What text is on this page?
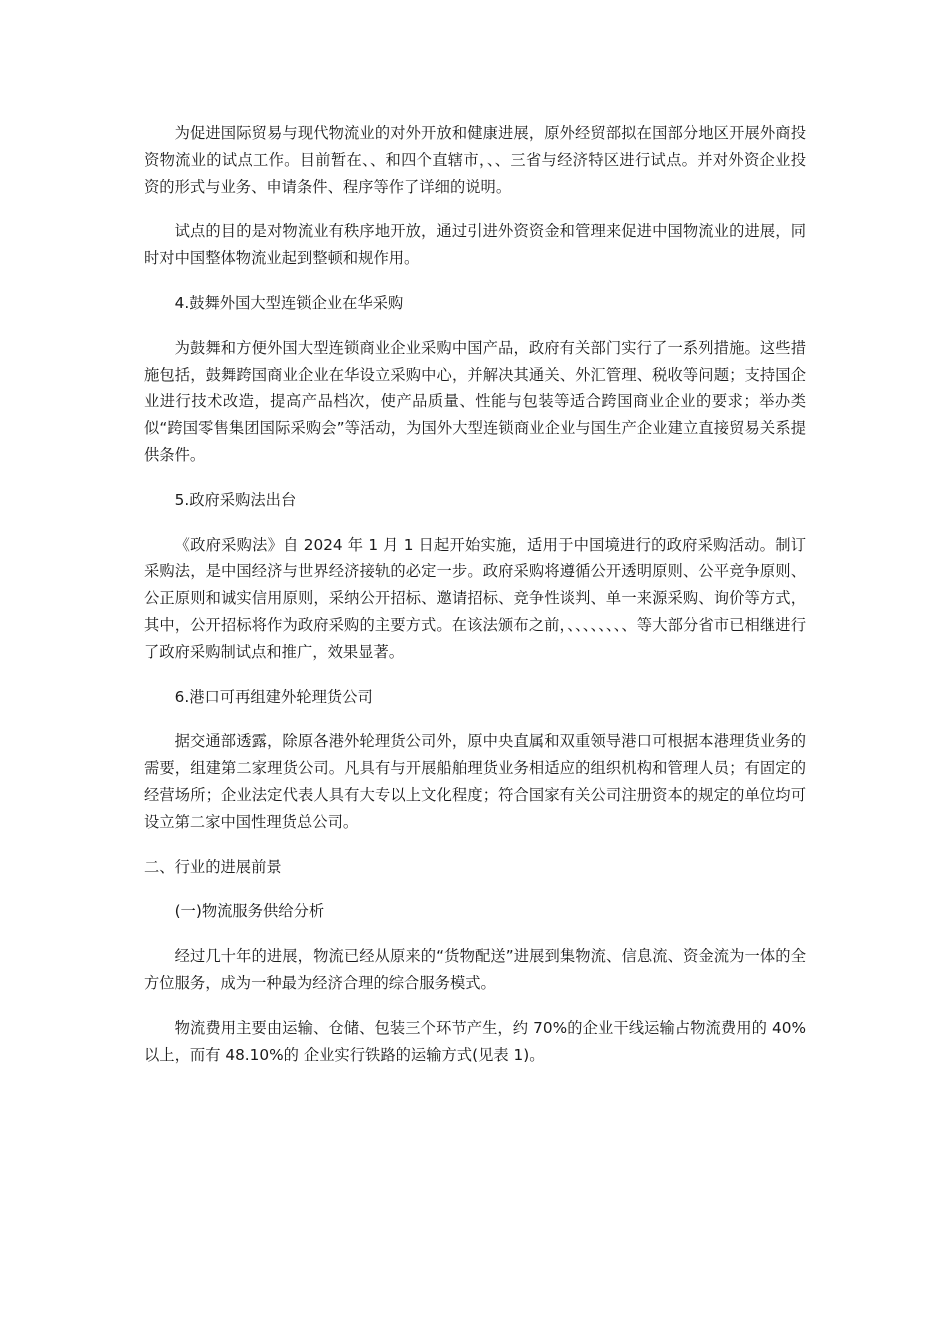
为促进国际贸易与现代物流业的对外开放和健康进展，原外经贸部拟在国部分地区开展外商投资物流业的试点工作。目前暂在、、和四个直辖市，、、三省与经济特区进行试点。并对外资企业投资的形式与业务、申请条件、程序等作了详细的说明。

试点的目的是对物流业有秩序地开放，通过引进外资资金和管理来促进中国物流业的进展，同时对中国整体物流业起到整顿和规作用。

4.鼓舞外国大型连锁企业在华采购

为鼓舞和方便外国大型连锁商业企业采购中国产品，政府有关部门实行了一系列措施。这些措施包括，鼓舞跨国商业企业在华设立采购中心，并解决其通关、外汇管理、税收等问题；支持国企业进行技术改造，提高产品档次，使产品质量、性能与包装等适合跨国商业企业的要求；举办类似“跨国零售集团国际采购会”等活动，为国外大型连锁商业企业与国生产企业建立直接贸易关系提供条件。

5.政府采购法出台

《政府采购法》自 2024 年 1 月 1 日起开始实施，适用于中国境进行的政府采购活动。制订采购法，是中国经济与世界经济接轨的必定一步。政府采购将遵循公开透明原则、公平竞争原则、公正原则和诚实信用原则，采纳公开招标、邀请招标、竞争性谈判、单一来源采购、询价等方式，其中，公开招标将作为政府采购的主要方式。在该法颁布之前，、、、、、、、、等大部分省市已相继进行了政府采购制试点和推广，效果显著。

6.港口可再组建外轮理货公司

据交通部透露，除原各港外轮理货公司外，原中央直属和双重领导港口可根据本港理货业务的需要，组建第二家理货公司。凡具有与开展船舶理货业务相适应的组织机构和管理人员；有固定的经营场所；企业法定代表人具有大专以上文化程度；符合国家有关公司注册资本的规定的单位均可设立第二家中国性理货总公司。

二、行业的进展前景

(一)物流服务供给分析

经过几十年的进展，物流已经从原来的“货物配送”进展到集物流、信息流、资金流为一体的全方位服务，成为一种最为经济合理的综合服务模式。

物流费用主要由运输、仓储、包装三个环节产生，约 70%的企业干线运输占物流费用的 40%以上，而有 48.10%的 企业实行铁路的运输方式(见表 1)。
